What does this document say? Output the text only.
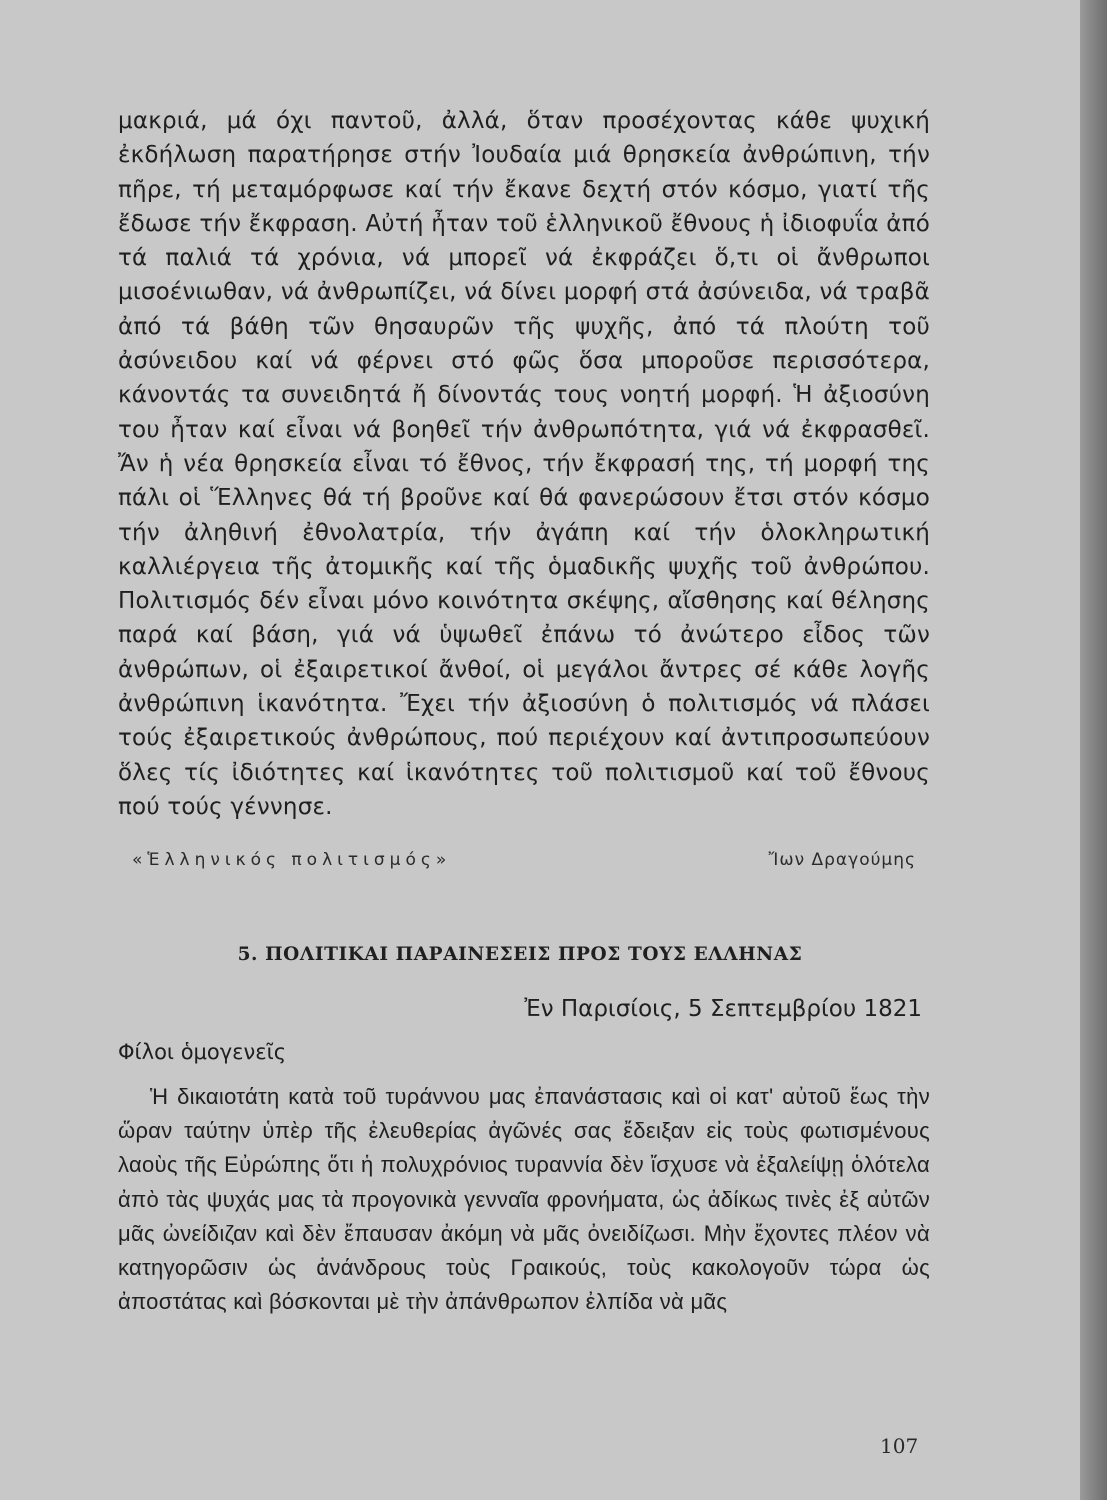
μακριά, μά όχι παντοῦ, ἀλλά, ὅταν προσέχοντας κάθε ψυχική ἐκδήλωση παρατήρησε στήν Ἰουδαία μιά θρησκεία ἀνθρώπινη, τήν πῆρε, τή μεταμόρφωσε καί τήν ἔκανε δεχτή στόν κόσμο, γιατί τῆς ἔδωσε τήν ἔκφραση. Αὐτή ἦταν τοῦ ἑλληνικοῦ ἔθνους ἡ ἰδιοφυΐα ἀπό τά παλιά τά χρόνια, νά μπορεῖ νά ἐκφράζει ὅ,τι οἱ ἄνθρωποι μισοένιωθαν, νά ἀνθρωπίζει, νά δίνει μορφή στά ἀσύνειδα, νά τραβᾶ ἀπό τά βάθη τῶν θησαυρῶν τῆς ψυχῆς, ἀπό τά πλούτη τοῦ ἀσύνειδου καί νά φέρνει στό φῶς ὅσα μποροῦσε περισσότερα, κάνοντάς τα συνειδητά ἤ δίνοντάς τους νοητή μορφή. Ἡ ἀξιοσύνη του ἦταν καί εἶναι νά βοηθεῖ τήν ἀνθρωπότητα, γιά νά ἐκφρασθεῖ. Ἄν ἡ νέα θρησκεία εἶναι τό ἔθνος, τήν ἔκφρασή της, τή μορφή της πάλι οἱ Ἕλληνες θά τή βροῦνε καί θά φανερώσουν ἔτσι στόν κόσμο τήν ἀληθινή ἐθνολατρία, τήν ἀγάπη καί τήν ὁλοκληρωτική καλλιέργεια τῆς ἀτομικῆς καί τῆς ὁμαδικῆς ψυχῆς τοῦ ἀνθρώπου. Πολιτισμός δέν εἶναι μόνο κοινότητα σκέψης, αἴσθησης καί θέλησης παρά καί βάση, γιά νά ὑψωθεῖ ἐπάνω τό ἀνώτερο εἶδος τῶν ἀνθρώπων, οἱ ἐξαιρετικοί ἄνθοί, οἱ μεγάλοι ἄντρες σέ κάθε λογῆς ἀνθρώπινη ἱκανότητα. Ἔχει τήν ἀξιοσύνη ὁ πολιτισμός νά πλάσει τούς ἐξαιρετικούς ἀνθρώπους, πού περιέχουν καί ἀντιπροσωπεύουν ὅλες τίς ἰδιότητες καί ἱκανότητες τοῦ πολιτισμοῦ καί τοῦ ἔθνους πού τούς γέννησε.

«Ἑλληνικός πολιτισμός»	Ἴων Δραγούμης
5. ΠΟΛΙΤΙΚΑΙ ΠΑΡΑΙΝΕΣΕΙΣ ΠΡΟΣ ΤΟΥΣ ΕΛΛΗΝΑΣ
Ἐν Παρισίοις, 5 Σεπτεμβρίου 1821
Φίλοι ὁμογενεῖς

Ἡ δικαιοτάτη κατὰ τοῦ τυράννου μας ἐπανάστασις καὶ οἱ κατ' αὐτοῦ ἕως τὴν ὥραν ταύτην ὑπὲρ τῆς ἐλευθερίας ἀγῶνές σας ἔδειξαν εἰς τοὺς φωτισμένους λαοὺς τῆς Εὐρώπης ὅτι ἡ πολυχρόνιος τυραννία δὲν ἴσχυσε νὰ ἐξαλείψῃ ὁλότελα ἀπὸ τὰς ψυχάς μας τὰ προγονικὰ γενναῖα φρονήματα, ὡς ἀδίκως τινὲς ἐξ αὐτῶν μᾶς ὠνείδιζαν καὶ δὲν ἔπαυσαν ἀκόμη νὰ μᾶς ὀνειδίζωσι. Μὴν ἔχοντες πλέον νὰ κατηγορῶσιν ὡς ἀνάνδρους τοὺς Γραικούς, τοὺς κακολογοῦν τώρα ὡς ἀποστάτας καὶ βόσκονται μὲ τὴν ἀπάνθρωπον ἐλπίδα νὰ μᾶς

107
